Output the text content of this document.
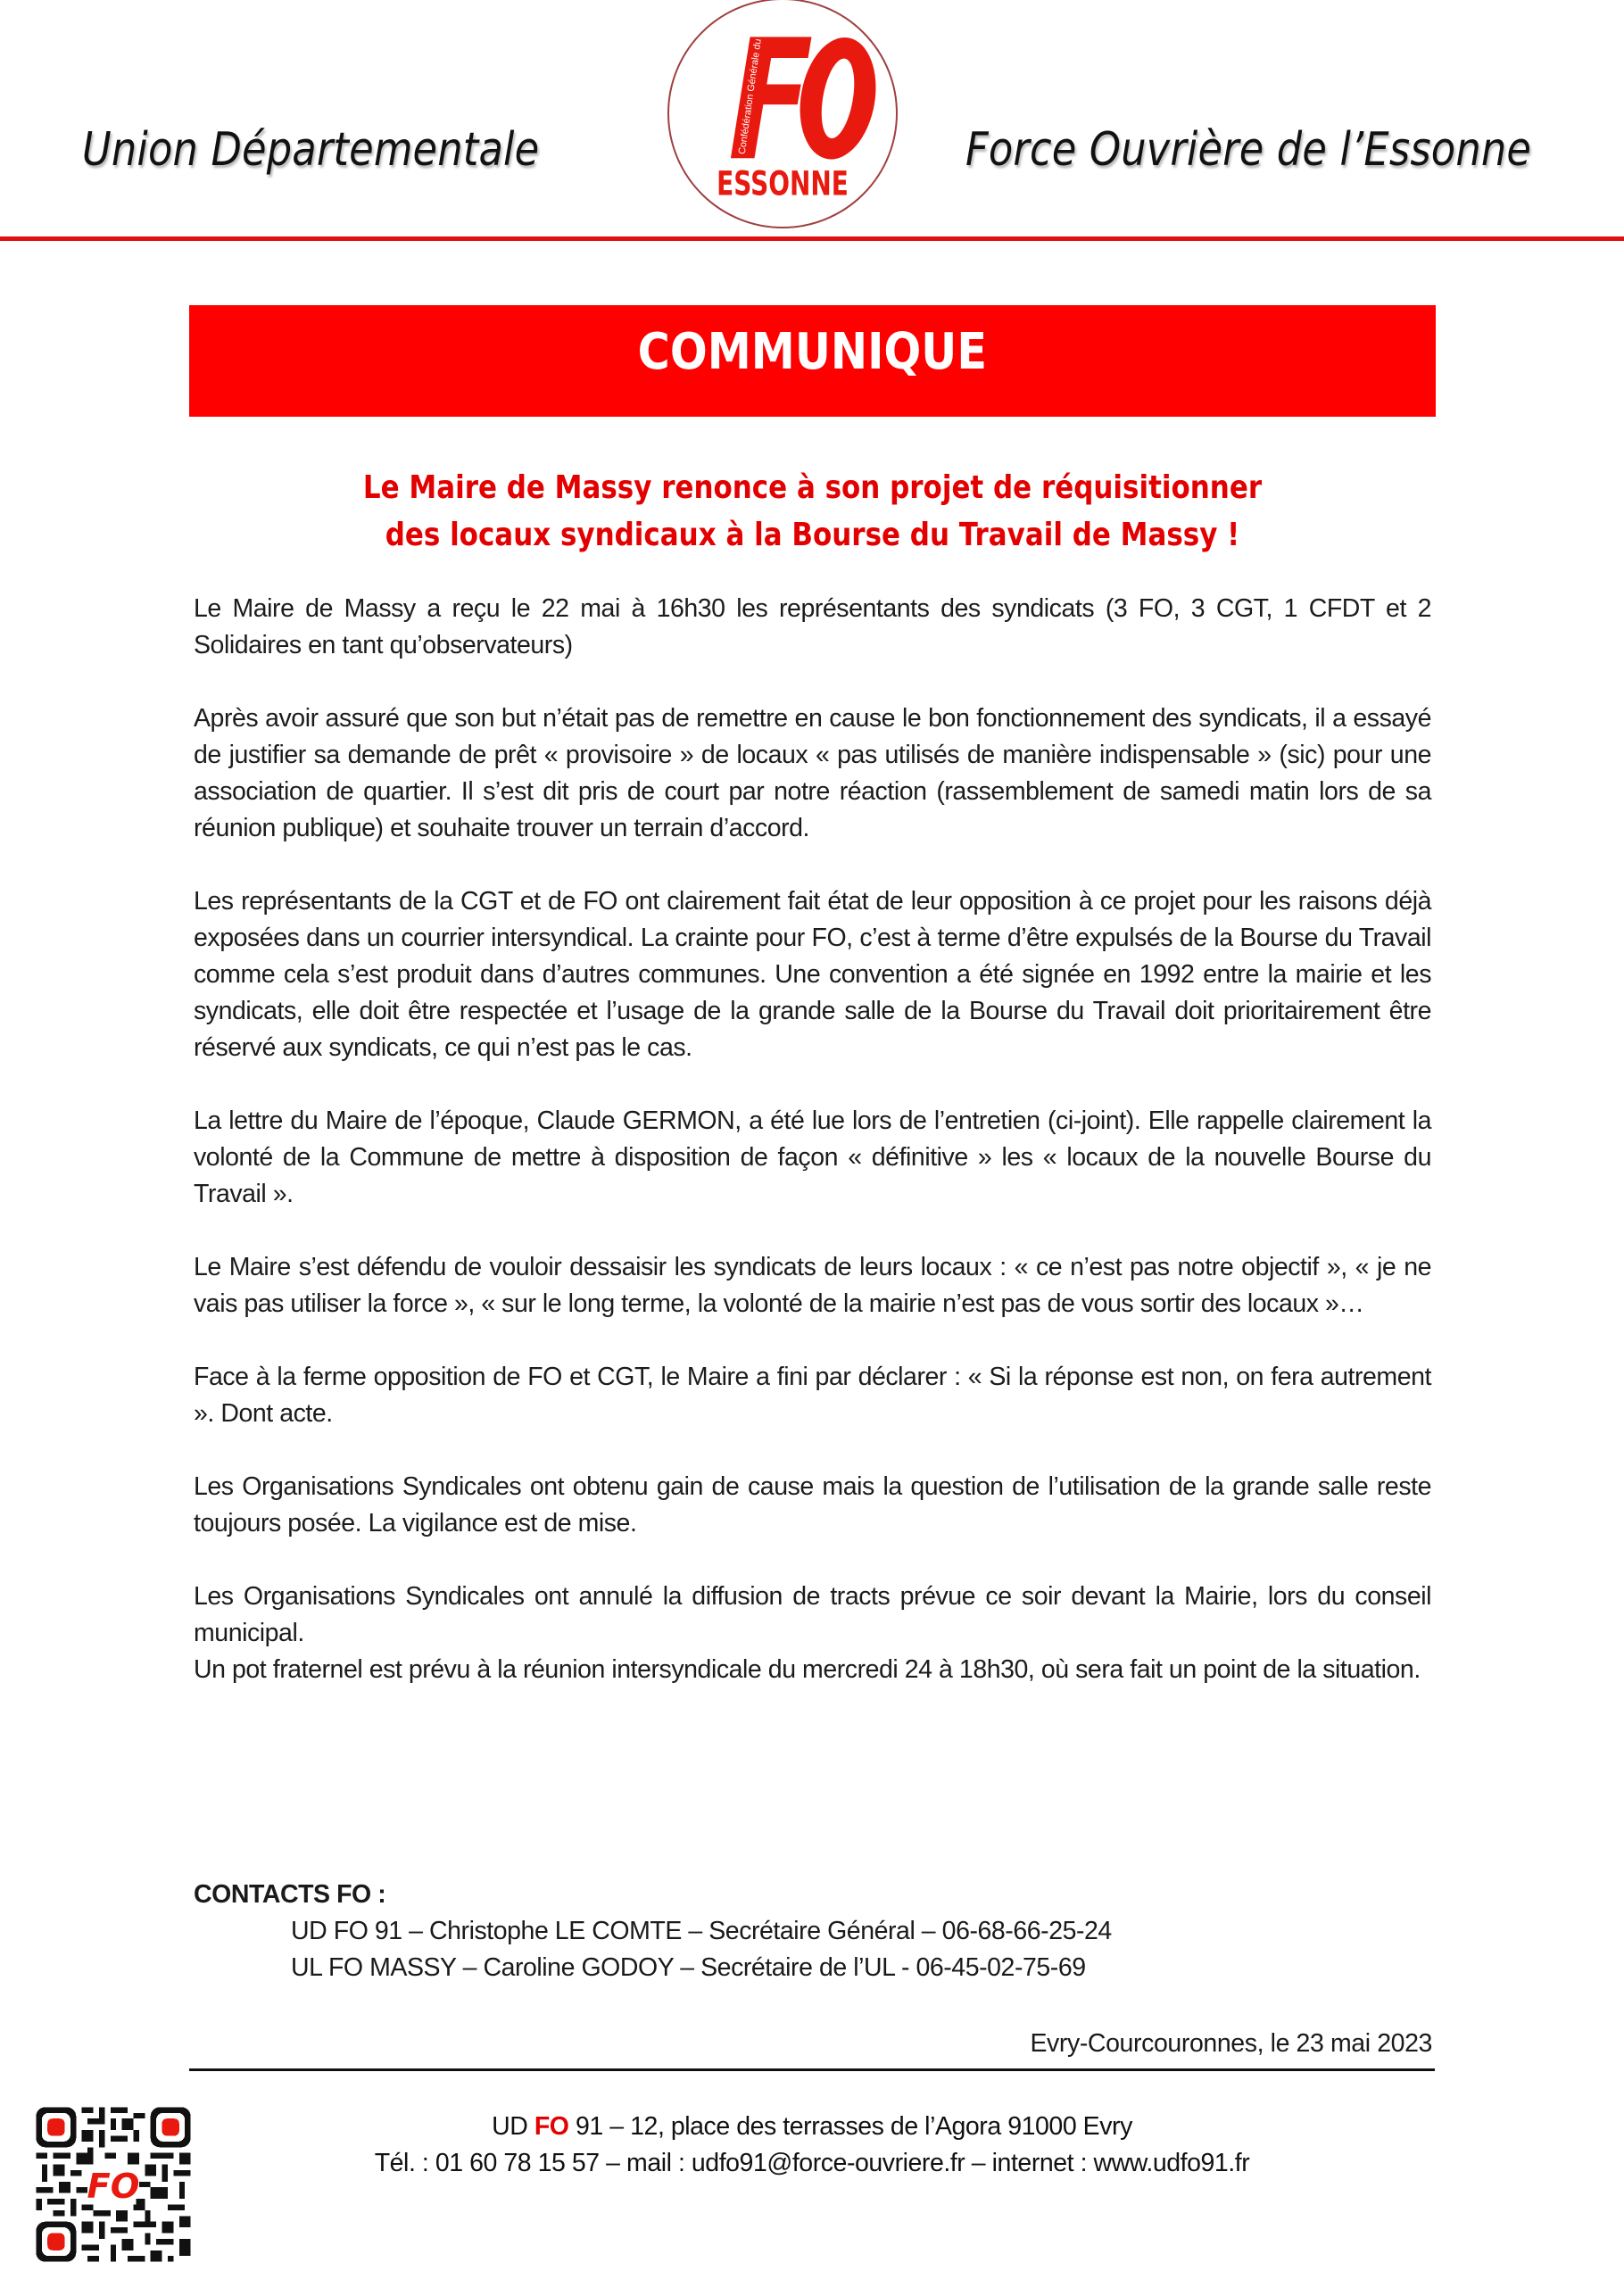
Union Départementale	Confédération Générale du Travail
ESSONNE
Force Ouvrière de l’Essonne
COMMUNIQUE
Le Maire de Massy renonce à son projet de réquisitionner
des locaux syndicaux à la Bourse du Travail de Massy !

Le Maire de Massy a reçu le 22 mai à 16h30 les représentants des syndicats (3 FO, 3 CGT, 1 CFDT et 2 Solidaires en tant qu’observateurs)

Après avoir assuré que son but n’était pas de remettre en cause le bon fonctionnement des syndicats, il a essayé de justifier sa demande de prêt « provisoire » de locaux « pas utilisés de manière indispensable » (sic) pour une association de quartier. Il s’est dit pris de court par notre réaction (rassemblement de samedi matin lors de sa réunion publique) et souhaite trouver un terrain d’accord.

Les représentants de la CGT et de FO ont clairement fait état de leur opposition à ce projet pour les raisons déjà exposées dans un courrier intersyndical. La crainte pour FO, c’est à terme d’être expulsés de la Bourse du Travail comme cela s’est produit dans d’autres communes. Une convention a été signée en 1992 entre la mairie et les syndicats, elle doit être respectée et l’usage de la grande salle de la Bourse du Travail doit prioritairement être réservé aux syndicats, ce qui n’est pas le cas.

La lettre du Maire de l’époque, Claude GERMON, a été lue lors de l’entretien (ci-joint). Elle rappelle clairement la volonté de la Commune de mettre à disposition de façon « définitive » les « locaux de la nouvelle Bourse du Travail ».

Le Maire s’est défendu de vouloir dessaisir les syndicats de leurs locaux : « ce n’est pas notre objectif », « je ne vais pas utiliser la force », « sur le long terme, la volonté de la mairie n’est pas de vous sortir des locaux »…

Face à la ferme opposition de FO et CGT, le Maire a fini par déclarer : « Si la réponse est non, on fera autrement ». Dont acte.

Les Organisations Syndicales ont obtenu gain de cause mais la question de l’utilisation de la grande salle reste toujours posée. La vigilance est de mise.

Les Organisations Syndicales ont annulé la diffusion de tracts prévue ce soir devant la Mairie, lors du conseil municipal.

Un pot fraternel est prévu à la réunion intersyndicale du mercredi 24 à 18h30, où sera fait un point de la situation.

CONTACTS FO :
UD FO 91 – Christophe LE COMTE – Secrétaire Général – 06-68-66-25-24
UL FO MASSY – Caroline GODOY – Secrétaire de l’UL - 06-45-02-75-69
Evry-Courcouronnes, le 23 mai 2023
FO
UD FO 91 – 12, place des terrasses de l’Agora 91000 Evry
Tél. : 01 60 78 15 57 – mail : udfo91@force-ouvriere.fr – internet : www.udfo91.fr
